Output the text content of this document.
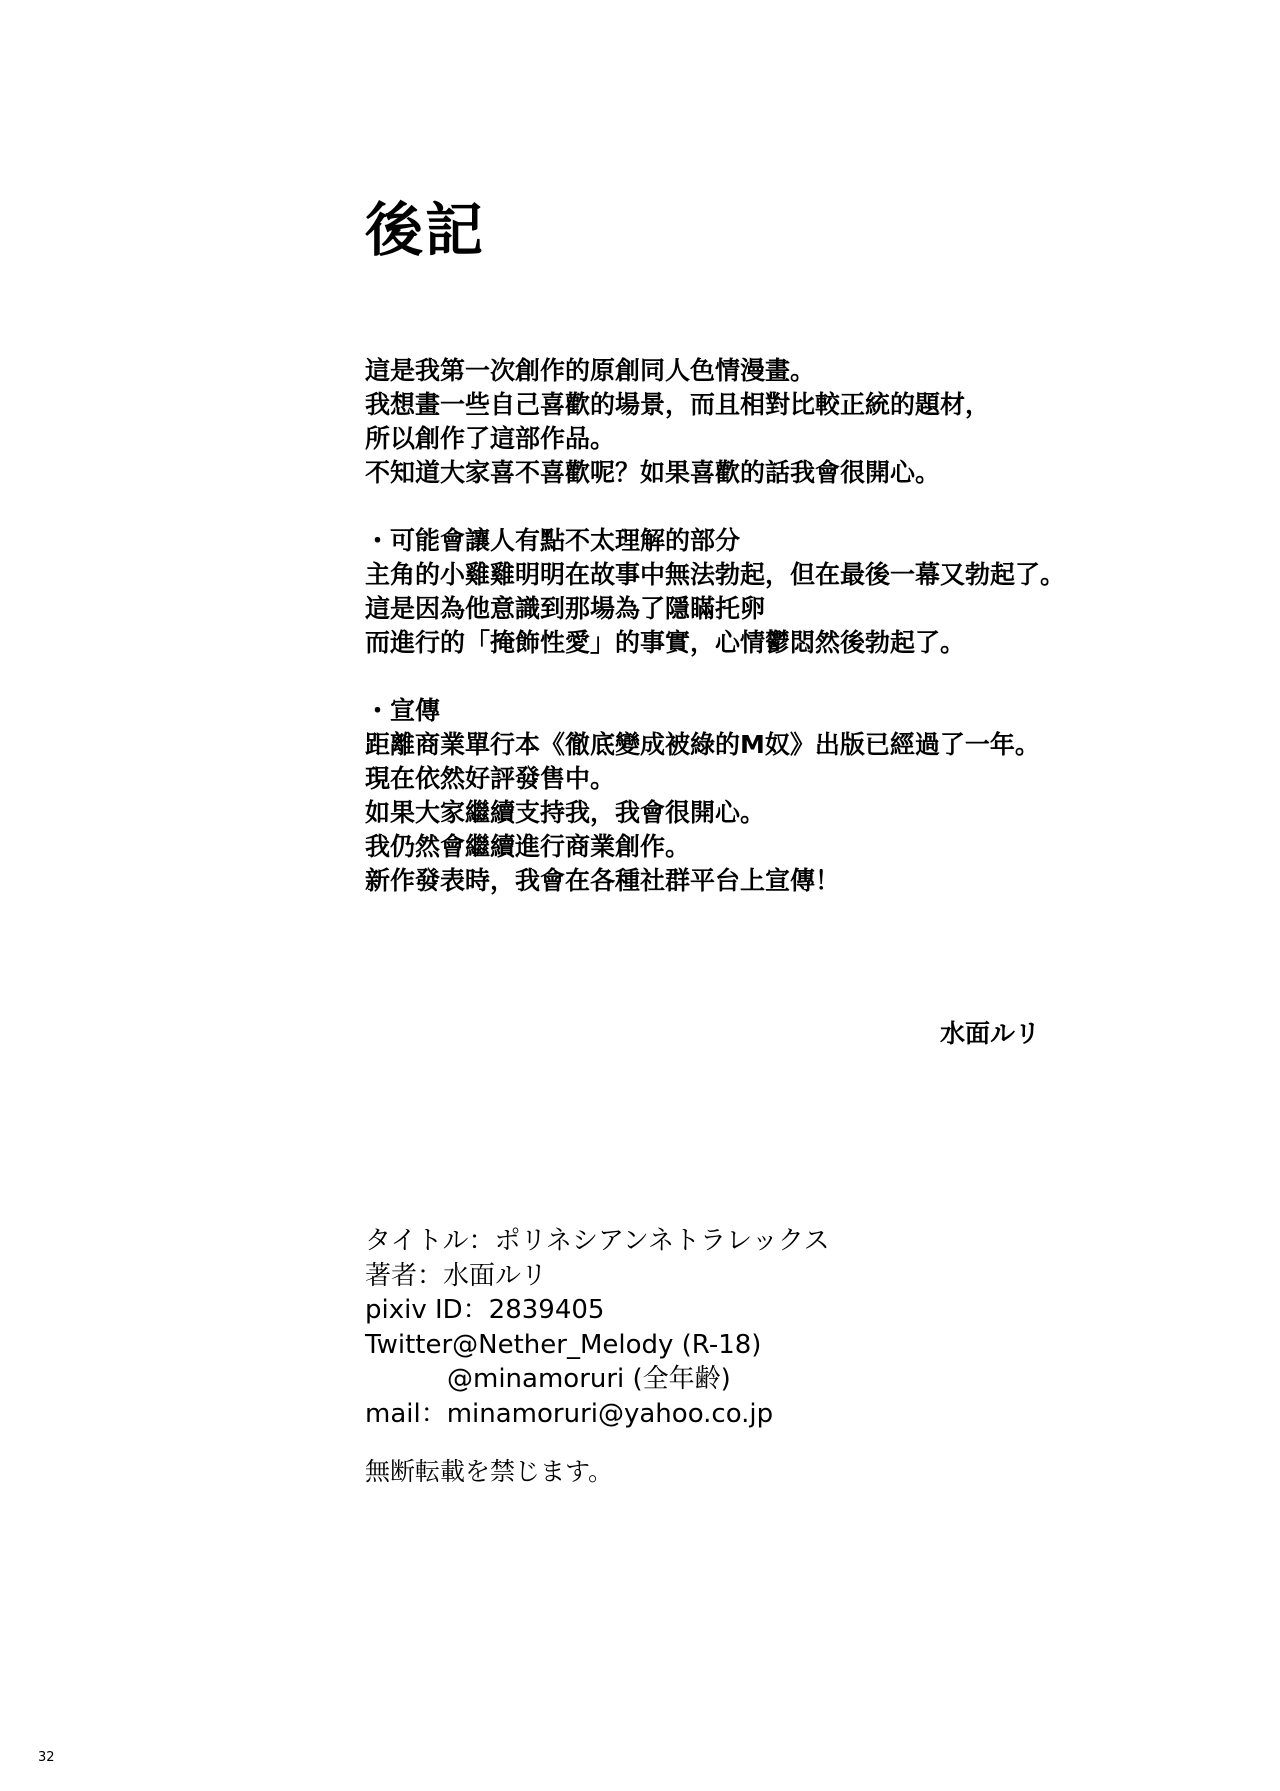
後記
這是我第一次創作的原創同人色情漫畫。
我想畫一些自己喜歡的場景，而且相對比較正統的題材，
所以創作了這部作品。
不知道大家喜不喜歡呢？如果喜歡的話我會很開心。
・可能會讓人有點不太理解的部分
主角的小雞雞明明在故事中無法勃起，但在最後一幕又勃起了。
這是因為他意識到那場為了隱瞞托卵
而進行的「掩飾性愛」的事實，心情鬱悶然後勃起了。
・宣傳
距離商業單行本《徹底變成被綠的M奴》出版已經過了一年。
現在依然好評發售中。
如果大家繼續支持我，我會很開心。
我仍然會繼續進行商業創作。
新作發表時，我會在各種社群平台上宣傳！
水面ルリ
タイトル：ポリネシアンネトラレックス
著者：水面ルリ
pixiv ID：2839405
Twitter@Nether_Melody (R-18)
@minamoruri (全年齢)
mail：minamoruri@yahoo.co.jp
無断転載を禁じます。
32
